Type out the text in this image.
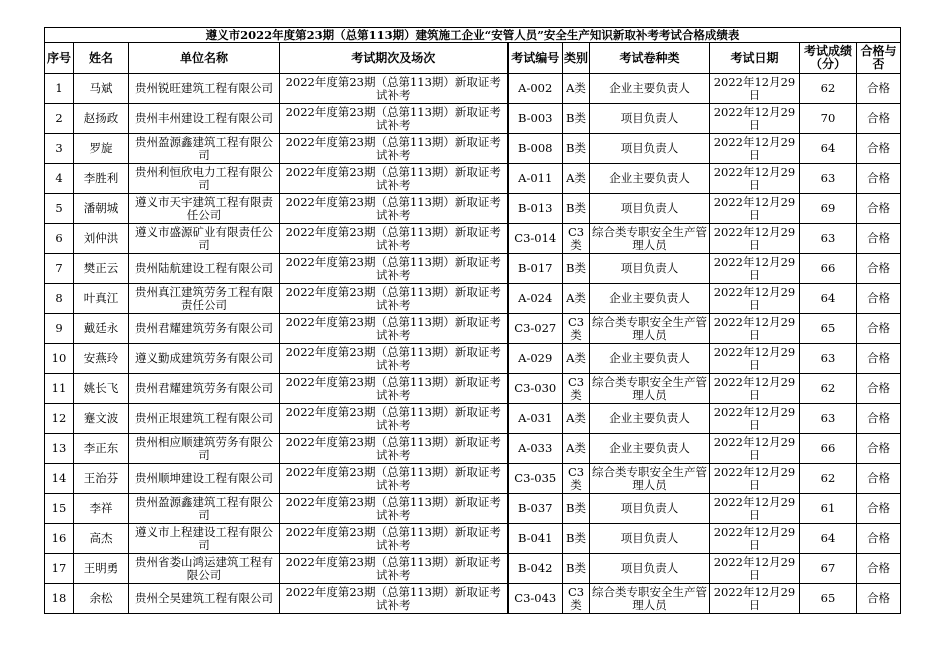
遵义市2022年度第23期（总第113期）建筑施工企业“安管人员”安全生产知识新取补考考试合格成绩表									
序号	姓名	单位名称	考试期次及场次	考试编号	类别	考试卷种类	考试日期	考试成绩（分）	合格与否
1	马斌	贵州锐旺建筑工程有限公司	2022年度第23期（总第113期）新取证考试补考	A-002	A类	企业主要负责人	2022年12月29日	62	合格
2	赵扬政	贵州丰州建设工程有限公司	2022年度第23期（总第113期）新取证考试补考	B-003	B类	项目负责人	2022年12月29日	70	合格
3	罗旋	贵州盈源鑫建筑工程有限公司	2022年度第23期（总第113期）新取证考试补考	B-008	B类	项目负责人	2022年12月29日	64	合格
4	李胜利	贵州利恒欣电力工程有限公司	2022年度第23期（总第113期）新取证考试补考	A-011	A类	企业主要负责人	2022年12月29日	63	合格
5	潘朝城	遵义市天宇建筑工程有限责任公司	2022年度第23期（总第113期）新取证考试补考	B-013	B类	项目负责人	2022年12月29日	69	合格
6	刘仲洪	遵义市盛源矿业有限责任公司	2022年度第23期（总第113期）新取证考试补考	C3-014	C3类	综合类专职安全生产管理人员	2022年12月29日	63	合格
7	樊正云	贵州陆航建设工程有限公司	2022年度第23期（总第113期）新取证考试补考	B-017	B类	项目负责人	2022年12月29日	66	合格
8	叶真江	贵州真江建筑劳务工程有限责任公司	2022年度第23期（总第113期）新取证考试补考	A-024	A类	企业主要负责人	2022年12月29日	64	合格
9	戴廷永	贵州君耀建筑劳务有限公司	2022年度第23期（总第113期）新取证考试补考	C3-027	C3类	综合类专职安全生产管理人员	2022年12月29日	65	合格
10	安燕玲	遵义勤成建筑劳务有限公司	2022年度第23期（总第113期）新取证考试补考	A-029	A类	企业主要负责人	2022年12月29日	63	合格
11	姚长飞	贵州君耀建筑劳务有限公司	2022年度第23期（总第113期）新取证考试补考	C3-030	C3类	综合类专职安全生产管理人员	2022年12月29日	62	合格
12	蹇文波	贵州正垠建筑工程有限公司	2022年度第23期（总第113期）新取证考试补考	A-031	A类	企业主要负责人	2022年12月29日	63	合格
13	李正东	贵州相应顺建筑劳务有限公司	2022年度第23期（总第113期）新取证考试补考	A-033	A类	企业主要负责人	2022年12月29日	66	合格
14	王治芬	贵州顺坤建设工程有限公司	2022年度第23期（总第113期）新取证考试补考	C3-035	C3类	综合类专职安全生产管理人员	2022年12月29日	62	合格
15	李祥	贵州盈源鑫建筑工程有限公司	2022年度第23期（总第113期）新取证考试补考	B-037	B类	项目负责人	2022年12月29日	61	合格
16	高杰	遵义市上程建设工程有限公司	2022年度第23期（总第113期）新取证考试补考	B-041	B类	项目负责人	2022年12月29日	64	合格
17	王明勇	贵州省娄山鸿运建筑工程有限公司	2022年度第23期（总第113期）新取证考试补考	B-042	B类	项目负责人	2022年12月29日	67	合格
18	余松	贵州仝昊建筑工程有限公司	2022年度第23期（总第113期）新取证考试补考	C3-043	C3类	综合类专职安全生产管理人员	2022年12月29日	65	合格
